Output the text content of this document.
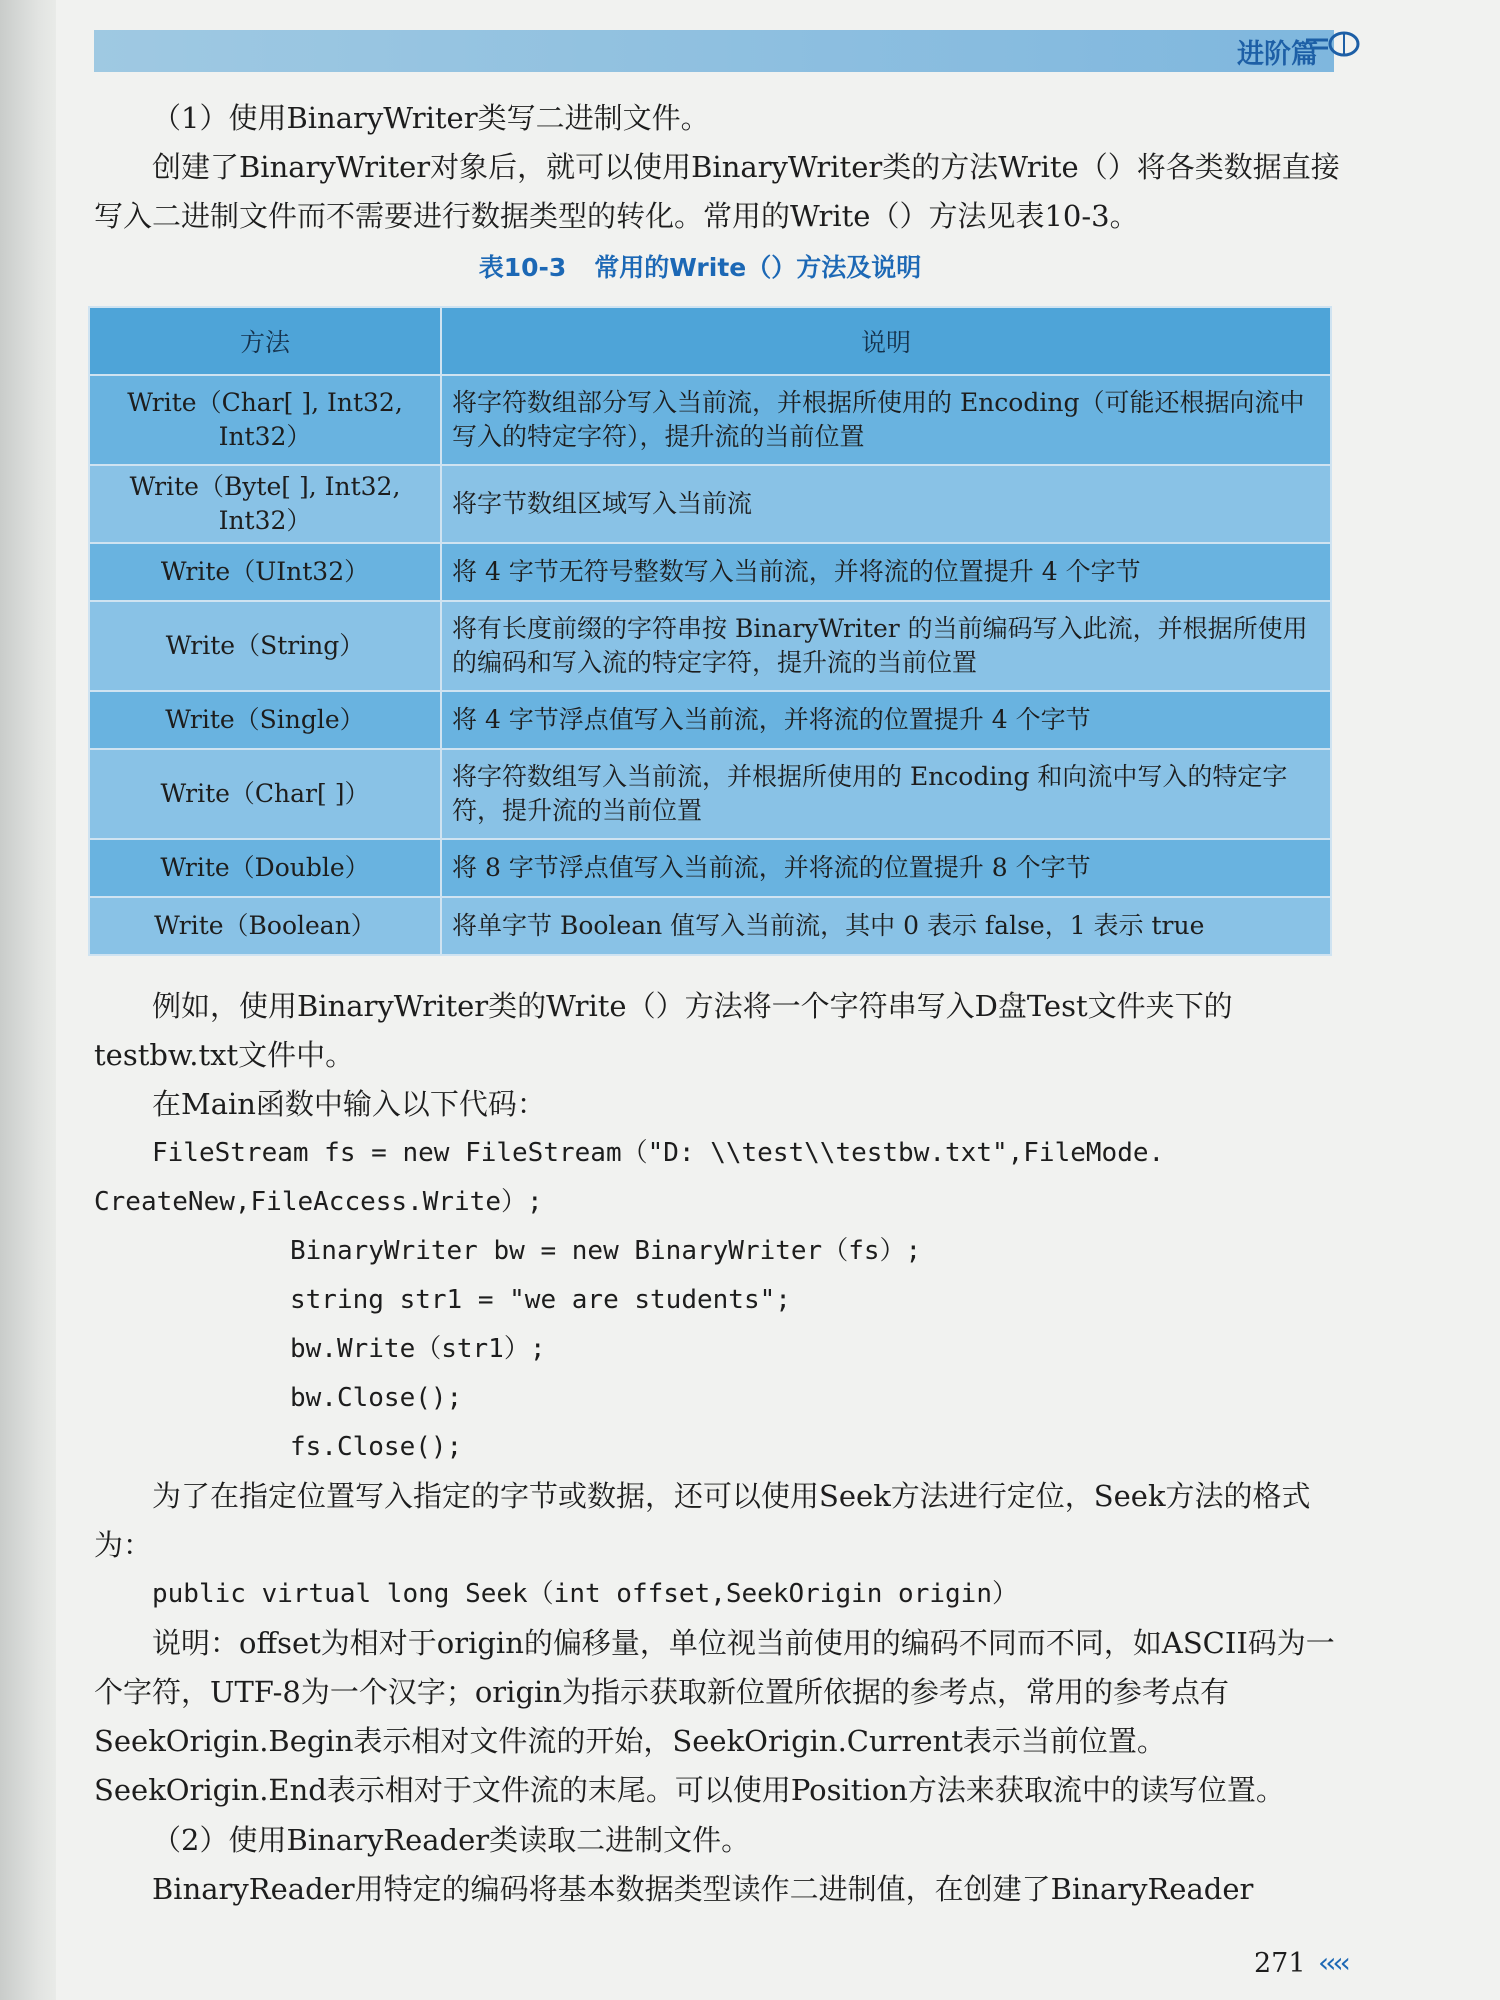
进阶篇

（1）使用BinaryWriter类写二进制文件。

创建了BinaryWriter对象后，就可以使用BinaryWriter类的方法Write（）将各类数据直接写入二进制文件而不需要进行数据类型的转化。常用的Write（）方法见表10-3。

表10-3 常用的Write（）方法及说明
方法	说明
Write（Char[ ], Int32, Int32）	将字符数组部分写入当前流，并根据所使用的 Encoding（可能还根据向流中写入的特定字符），提升流的当前位置
Write（Byte[ ], Int32, Int32）	将字节数组区域写入当前流
Write（UInt32）	将 4 字节无符号整数写入当前流，并将流的位置提升 4 个字节
Write（String）	将有长度前缀的字符串按 BinaryWriter 的当前编码写入此流，并根据所使用的编码和写入流的特定字符，提升流的当前位置
Write（Single）	将 4 字节浮点值写入当前流，并将流的位置提升 4 个字节
Write（Char[ ]）	将字符数组写入当前流，并根据所使用的 Encoding 和向流中写入的特定字符，提升流的当前位置
Write（Double）	将 8 字节浮点值写入当前流，并将流的位置提升 8 个字节
Write（Boolean）	将单字节 Boolean 值写入当前流，其中 0 表示 false，1 表示 true

例如，使用BinaryWriter类的Write（）方法将一个字符串写入D盘Test文件夹下的testbw.txt文件中。

在Main函数中输入以下代码：

FileStream fs = new FileStream（"D: \\test\\testbw.txt",FileMode.

CreateNew,FileAccess.Write）;

BinaryWriter bw = new BinaryWriter（fs）;

string str1 = "we are students";

bw.Write（str1）;

bw.Close();

fs.Close();

为了在指定位置写入指定的字节或数据，还可以使用Seek方法进行定位，Seek方法的格式为：

public virtual long Seek（int offset,SeekOrigin origin）

说明：offset为相对于origin的偏移量，单位视当前使用的编码不同而不同，如ASCII码为一个字符，UTF-8为一个汉字；origin为指示获取新位置所依据的参考点，常用的参考点有SeekOrigin.Begin表示相对文件流的开始，SeekOrigin.Current表示当前位置。SeekOrigin.End表示相对于文件流的末尾。可以使用Position方法来获取流中的读写位置。

（2）使用BinaryReader类读取二进制文件。

BinaryReader用特定的编码将基本数据类型读作二进制值，在创建了BinaryReader

271 ‹‹‹‹
